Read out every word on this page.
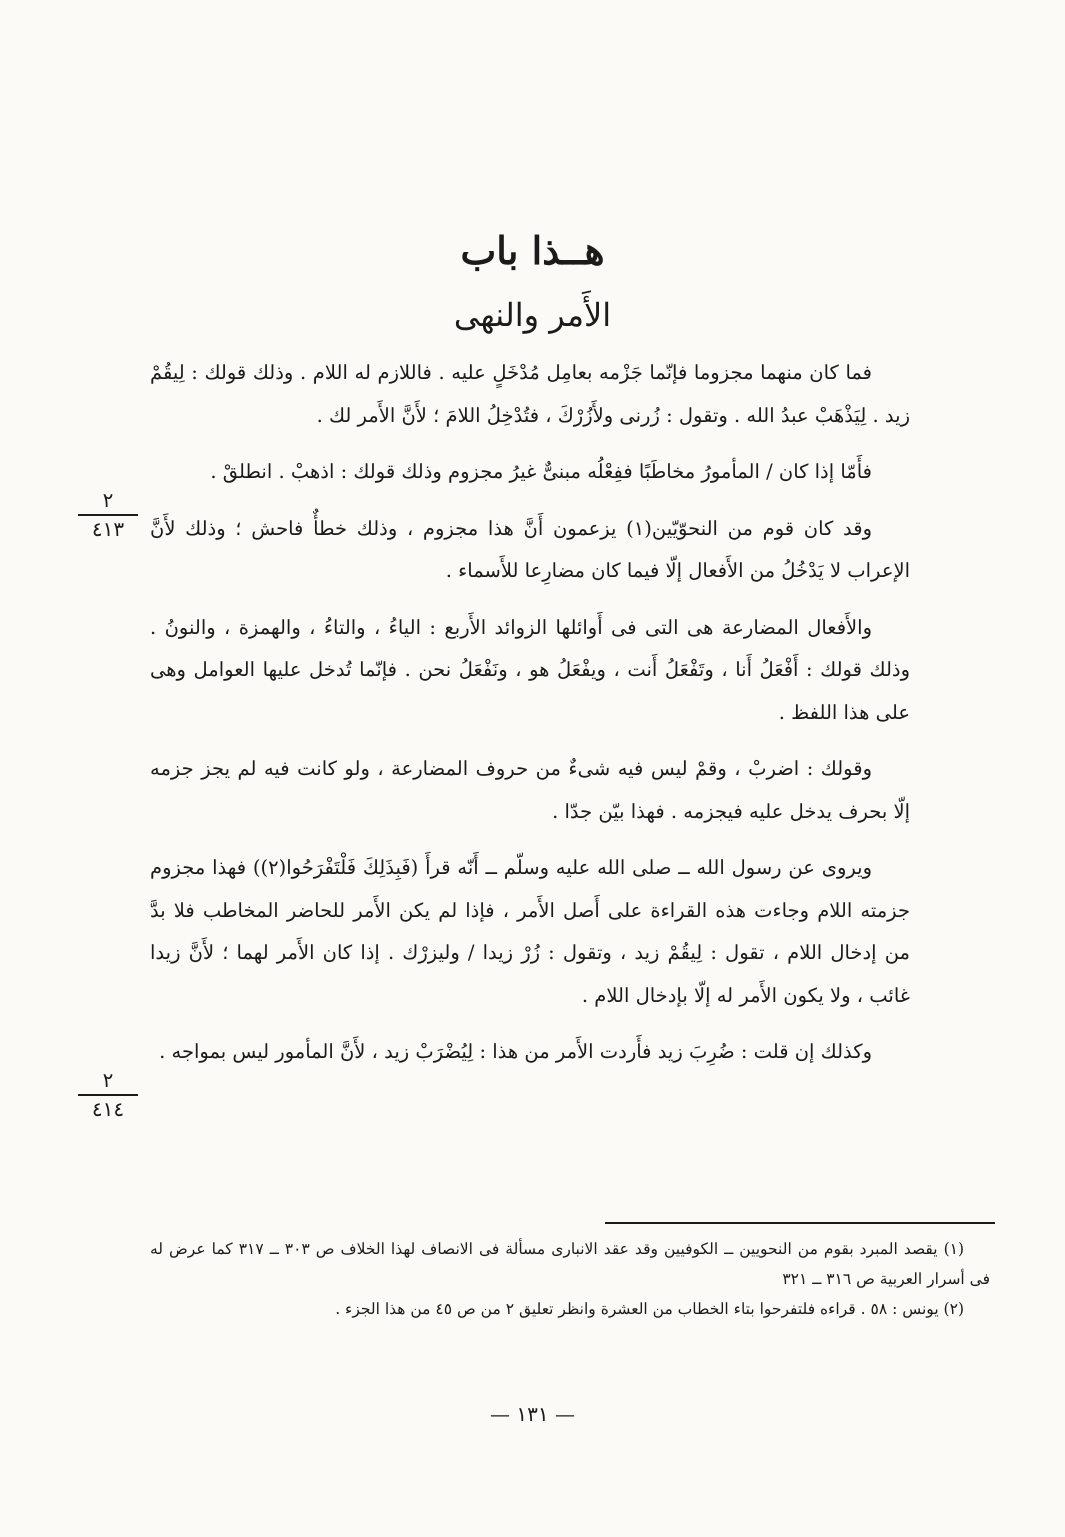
هــذا باب
الأَمر والنهى

فما كان منهما مجزوما فإنّما جَزْمه بعامِل مُدْخَلٍ عليه . فاللازم له اللام . وذلك قولك : لِيقُمْ زيد . لِيَذْهَبْ عبدُ الله . وتقول : زُرنى ولأَزُرْكَ ، فتُدْخِلُ اللامَ ؛ لأَنَّ الأَمر لك .

فأَمّا إذا كان / المأمورُ مخاطَبًا ففِعْلُه مبنىٌّ غيرُ مجزوم وذلك قولك : اذهبْ . انطلقْ .

وقد كان قوم من النحوّيّين(١) يزعمون أَنَّ هذا مجزوم ، وذلك خطأٌ فاحش ؛ وذلك لأَنَّ الإعراب لا يَدْخُلُ من الأَفعال إلّا فيما كان مضارِعا للأَسماء .

والأَفعال المضارعة هى التى فى أَوائلها الزوائد الأَربع : الياءُ ، والتاءُ ، والهمزة ، والنونُ . وذلك قولك : أَفْعَلُ أَنا ، وتَفْعَلُ أَنت ، ويفْعَلُ هو ، ونَفْعَلُ نحن . فإنّما تُدخل عليها العوامل وهى على هذا اللفظ .

وقولك : اضربْ ، وقمْ ليس فيه شىءٌ من حروف المضارعة ، ولو كانت فيه لم يجز جزمه إلّا بحرف يدخل عليه فيجزمه . فهذا بيّن جدّا .

ويروى عن رسول الله ــ صلى الله عليه وسلّم ــ أَنّه قرأَ (فَبِذَلِكَ فَلْتَفْرَحُوا(٢)) فهذا مجزوم جزمته اللام وجاءت هذه القراءة على أَصل الأَمر ، فإذا لم يكن الأَمر للحاضر المخاطب فلا بدَّ من إدخال اللام ، تقول : لِيقُمْ زيد ، وتقول : زُرْ زيدا / وليزرْك . إذا كان الأَمر لهما ؛ لأَنَّ زيدا غائب ، ولا يكون الأَمر له إلّا بإدخال اللام .

وكذلك إن قلت : ضُرِبَ زيد فأَردت الأَمر من هذا : لِيُضْرَبْ زيد ، لأَنَّ المأمور ليس بمواجه .

٢
٤١٣
٢
٤١٤

(١) يقصد المبرد بقوم من النحويين ــ الكوفيين وقد عقد الانبارى مسألة فى الانصاف لهذا الخلاف ص ٣٠٣ ــ ٣١٧ كما عرض له فى أسرار العربية ص ٣١٦ ــ ٣٢١

(٢) يونس : ٥٨ . قراءه فلتفرحوا بتاء الخطاب من العشرة وانظر تعليق ٢ من ص ٤٥ من هذا الجزء .

— ١٣١ —
